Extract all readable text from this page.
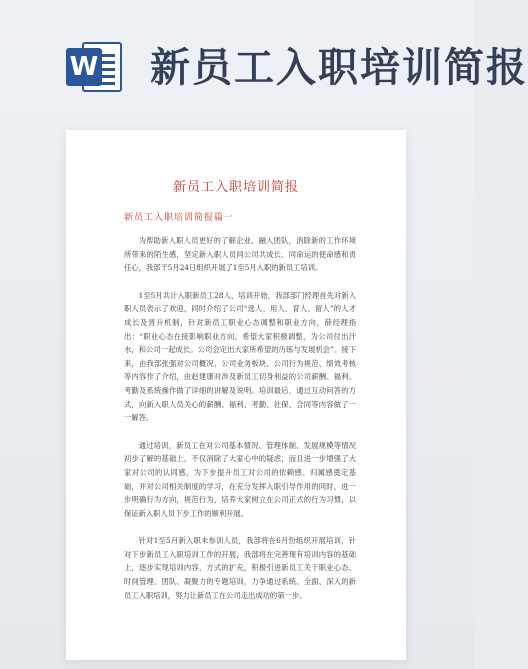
W 新员工入职培训简报
新员工入职培训简报
新员工入职培训简报篇一

为帮助新入职人员更好的了解企业、融入团队，消除新的工作环境所带来的陌生感，坚定新入职人员同公司共成长、同命运的使命感和责任心，我部于5月24日组织开展了1至5月入职的新员工培训。

1至5月共计入职新员工28人，培训开始，我部部门经理首先对新入职人员表示了欢迎，同时介绍了公司“选人、用人、育人、留人”的人才成长及晋升机制，针对新员工职业心态调整和职业方向，薛经理指出：“职业心态在接影响职业方向，希望大家积极调整，为公司付出汗水，和公司一起成长。公司会定出大家所希望的历练与发展机会”。接下来，由我部张强对公司概况、公司业务板块、公司行为规范、绩效考核等内容作了介绍，由赵建康对涉及新员工切身利益的公司薪酬、福利、考勤及系统操作做了详细的讲解及说明。培训最后，通过互动问答的方式，向新入职人员关心的薪酬、福利、考勤、社保、合同等内容做了一一解答。

通过培训，新员工在对公司基本情况、管理体制、发展规模等情况初步了解的基础上，不仅消除了大家心中的疑虑，而且进一步增强了大家对公司的认同感，为下步提升员工对公司的依赖感、归属感奠定基础，并对公司相关制度的学习，在充分发挥入职引导作用的同时，进一步明确行为方向，规范行为，培养大家树立在公司正式的行为习惯，以保证新入职人员下步工作的顺利开展。

针对1至5月新入职未参训人员，我部将在6月份组织开展培训，针对下步新员工入职培训工作的开展，我部将在完善现有培训内容的基础上，逐步实现培训内容、方式的扩充，积极引进新员工关于职业心态、时间管理、团队、凝聚力的专题培训，力争通过系统、全面、深入的新员工入职培训，努力让新员工在公司走出成功的第一步。
